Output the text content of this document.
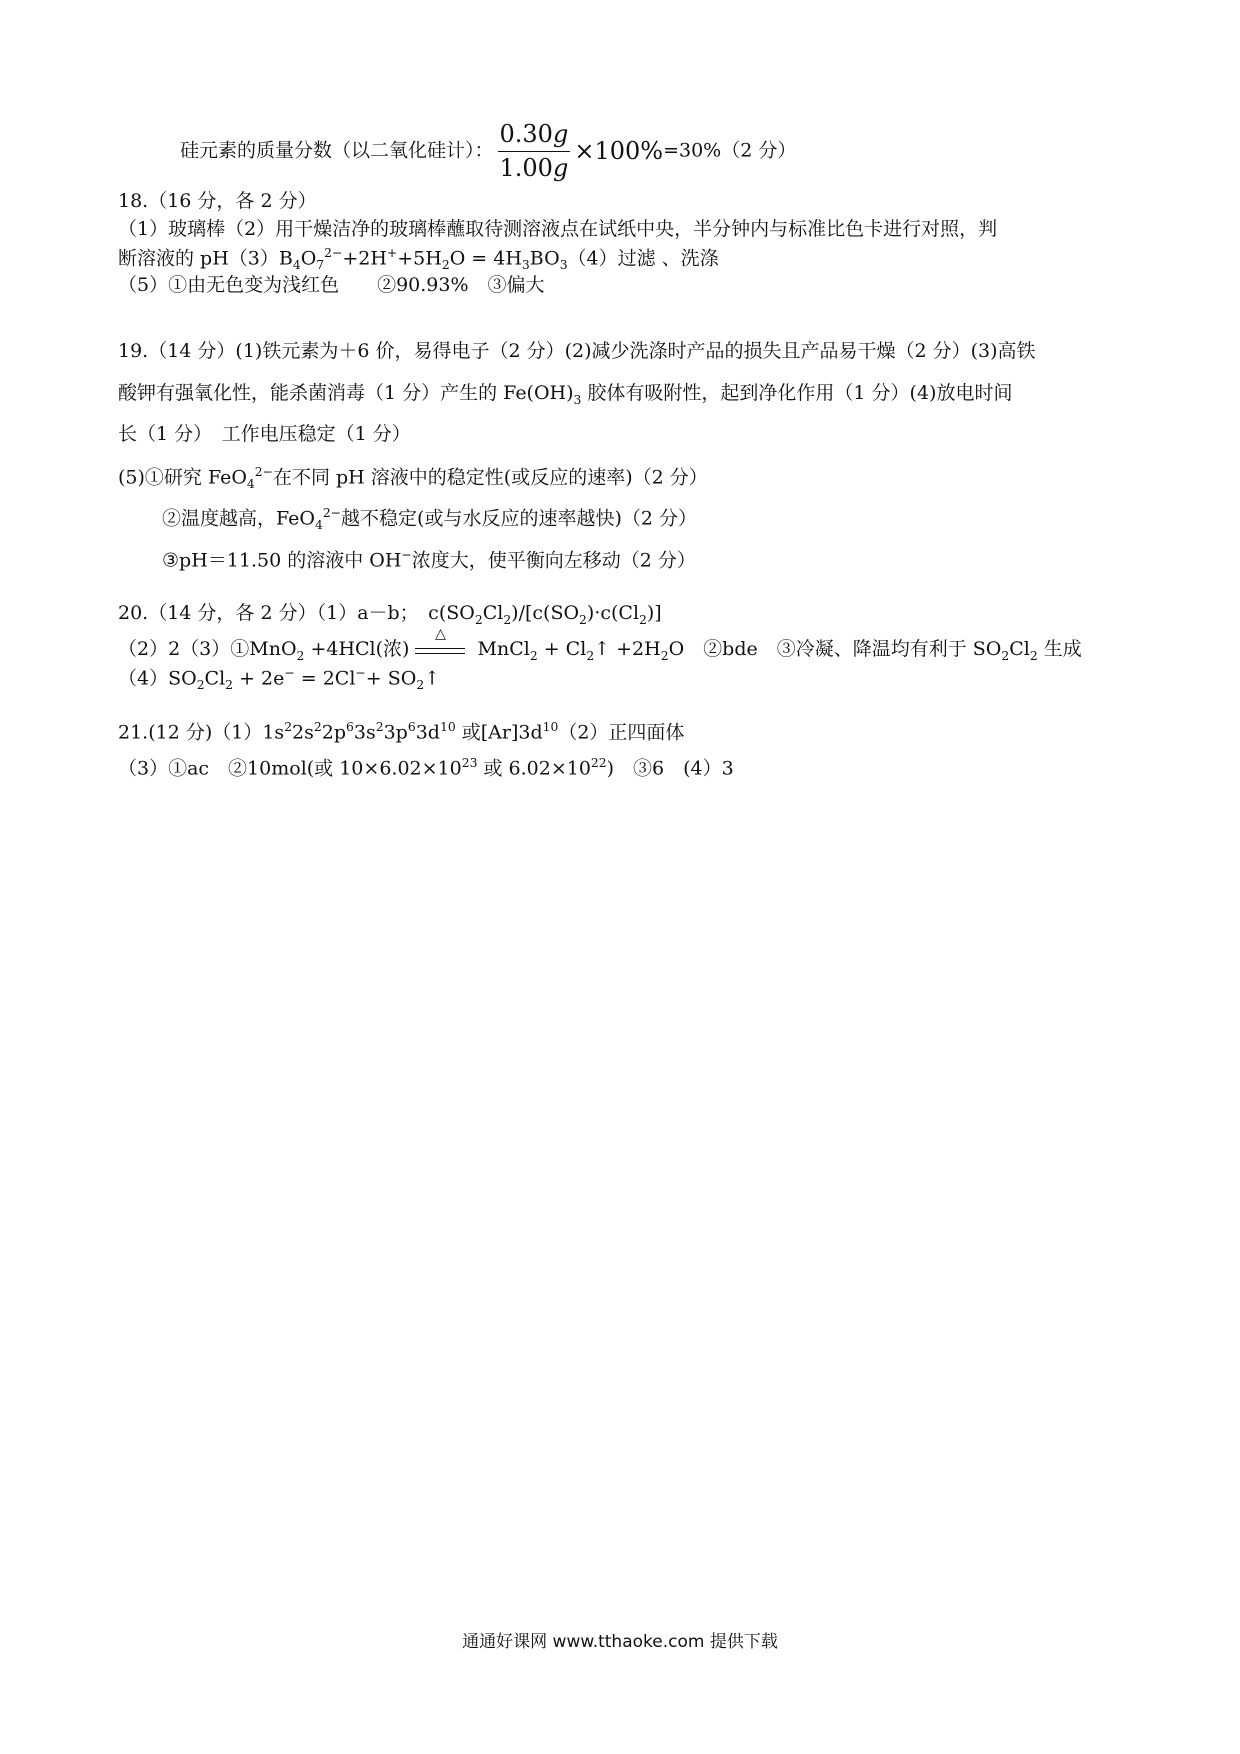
硅元素的质量分数（以二氧化硅计）： $\frac{0.30g}{1.00g} \times 100\%=30\%(2$ 分）
18.（16 分，各 2 分）
（1）玻璃棒（2）用干燥洁净的玻璃棒蘸取待测溶液点在试纸中央，半分钟内与标准比色卡进行对照，判
断溶液的 $pH(3)B_4O_7^{2-}+2H^++5H_2O = 4H_3BO_3(4)$过滤 、洗涤
（5）①由无色变为浅红色　　②90.93%　③偏大
19.（14 分）(1)铁元素为＋6 价，易得电子（2 分）(2)减少洗涤时产品的损失且产品易干燥（2 分）(3)高铁
酸钾有强氧化性，能杀菌消毒（1 分）产生的 $Fe(OH)_3$ 胶体有吸附性，起到净化作用（1 分）(4)放电时间
长（1 分）　工作电压稳定（1 分）
(5)①研究 FeO$_4^{2-}$在不同 pH 溶液中的稳定性(或反应的速率)（2 分）
②温度越高，FeO$_4^{2-}$越不稳定(或与水反应的速率越快)（2 分）
③pH＝11.50 的溶液中 OH−浓度大，使平衡向左移动（2 分）
20.（14 分，各 2 分）（1）a－b；　$c(SO_2Cl_2)/[c(SO_2)\cdot c(Cl_2)]$
（2）2（3）①MnO$_2$ +4HCl(浓)
△
MnCl$_2$ + $Cl_2↑ +2H_2O$　②bde　③冷凝、降温均有利于 $SO_2Cl_2$ 生成
$(4)SO_2Cl_2 + 2e^- = 2Cl^-+$ $SO_2↑$
21.(12 分)$(1)1s^22s^22p^63s^23p^63d^{10}$ 或$[Ar]3d^{10}(2)$正四面体
（3）①ac　②10mol(或 $10\times 6.02\times 10^{23}$ 或 $6.02\times 10^{22}$)　③6　(4）3
通通好课网 www.tthaoke.com 提供下载
